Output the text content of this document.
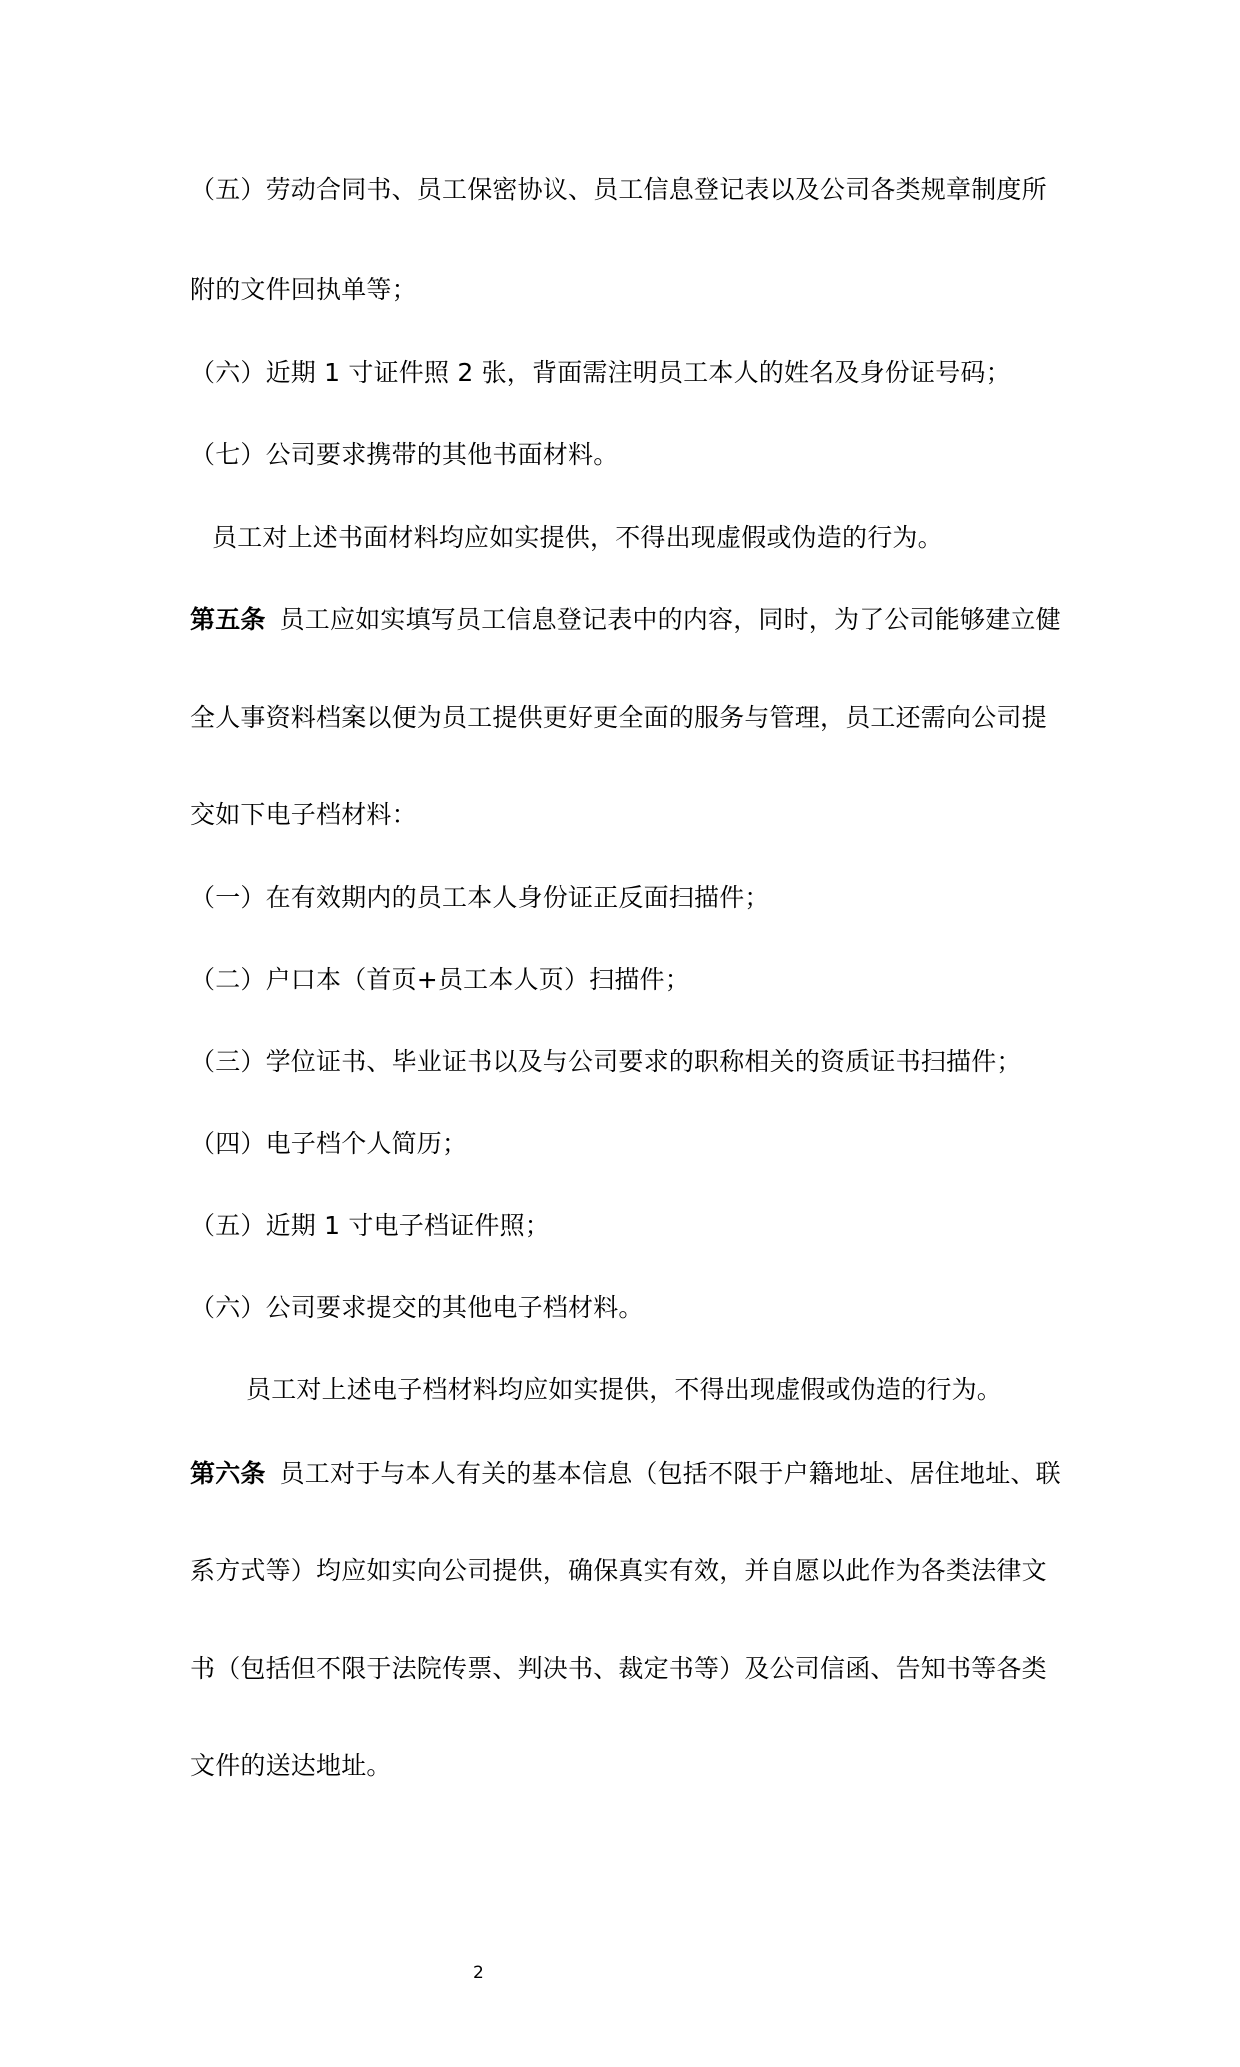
（五）劳动合同书、员工保密协议、员工信息登记表以及公司各类规章制度所

附的文件回执单等；

（六）近期 1 寸证件照 2 张，背面需注明员工本人的姓名及身份证号码；

（七）公司要求携带的其他书面材料。

员工对上述书面材料均应如实提供，不得出现虚假或伪造的行为。

第五条 员工应如实填写员工信息登记表中的内容，同时，为了公司能够建立健

全人事资料档案以便为员工提供更好更全面的服务与管理，员工还需向公司提

交如下电子档材料：

（一）在有效期内的员工本人身份证正反面扫描件；

（二）户口本（首页+员工本人页）扫描件；

（三）学位证书、毕业证书以及与公司要求的职称相关的资质证书扫描件；

（四）电子档个人简历；

（五）近期 1 寸电子档证件照；

（六）公司要求提交的其他电子档材料。

员工对上述电子档材料均应如实提供，不得出现虚假或伪造的行为。

第六条 员工对于与本人有关的基本信息（包括不限于户籍地址、居住地址、联

系方式等）均应如实向公司提供，确保真实有效，并自愿以此作为各类法律文

书（包括但不限于法院传票、判决书、裁定书等）及公司信函、告知书等各类

文件的送达地址。

2
